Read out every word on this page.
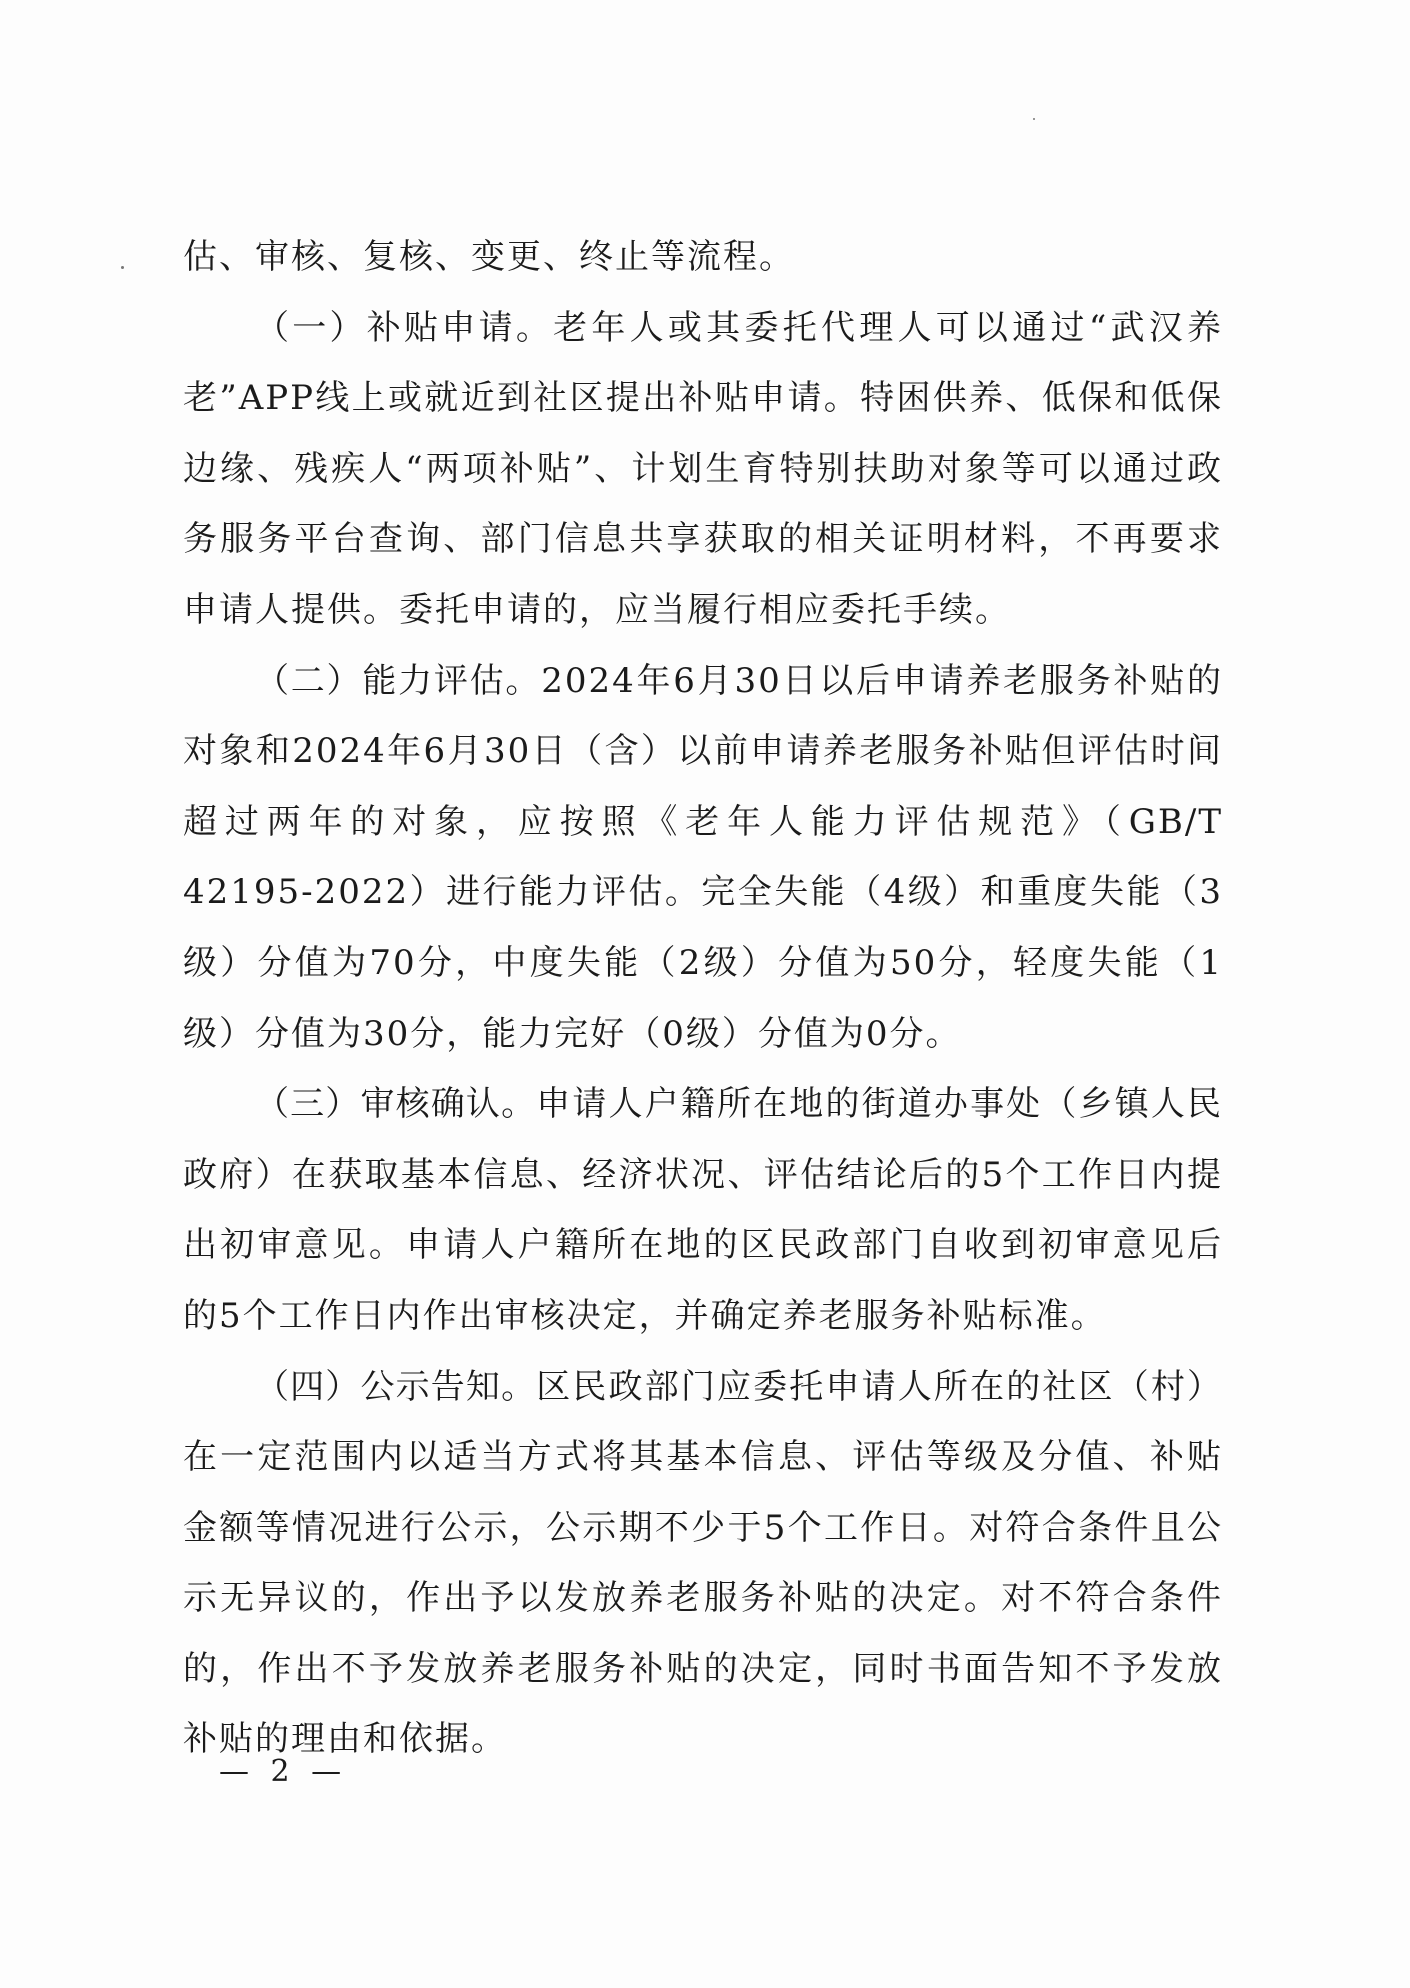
估、审核、复核、变更、终止等流程。

（一）补贴申请。老年人或其委托代理人可以通过“武汉养老”APP线上或就近到社区提出补贴申请。特困供养、低保和低保边缘、残疾人“两项补贴”、计划生育特别扶助对象等可以通过政务服务平台查询、部门信息共享获取的相关证明材料，不再要求申请人提供。委托申请的，应当履行相应委托手续。

（二）能力评估。2024年6月30日以后申请养老服务补贴的对象和2024年6月30日（含）以前申请养老服务补贴但评估时间超过两年的对象，应按照《老年人能力评估规范》（GB/T 42195-2022）进行能力评估。完全失能（4级）和重度失能（3级）分值为70分，中度失能（2级）分值为50分，轻度失能（1级）分值为30分，能力完好（0级）分值为0分。

（三）审核确认。申请人户籍所在地的街道办事处（乡镇人民政府）在获取基本信息、经济状况、评估结论后的5个工作日内提出初审意见。申请人户籍所在地的区民政部门自收到初审意见后的5个工作日内作出审核决定，并确定养老服务补贴标准。

（四）公示告知。区民政部门应委托申请人所在的社区（村）在一定范围内以适当方式将其基本信息、评估等级及分值、补贴金额等情况进行公示，公示期不少于5个工作日。对符合条件且公示无异议的，作出予以发放养老服务补贴的决定。对不符合条件的，作出不予发放养老服务补贴的决定，同时书面告知不予发放补贴的理由和依据。

— 2 —
